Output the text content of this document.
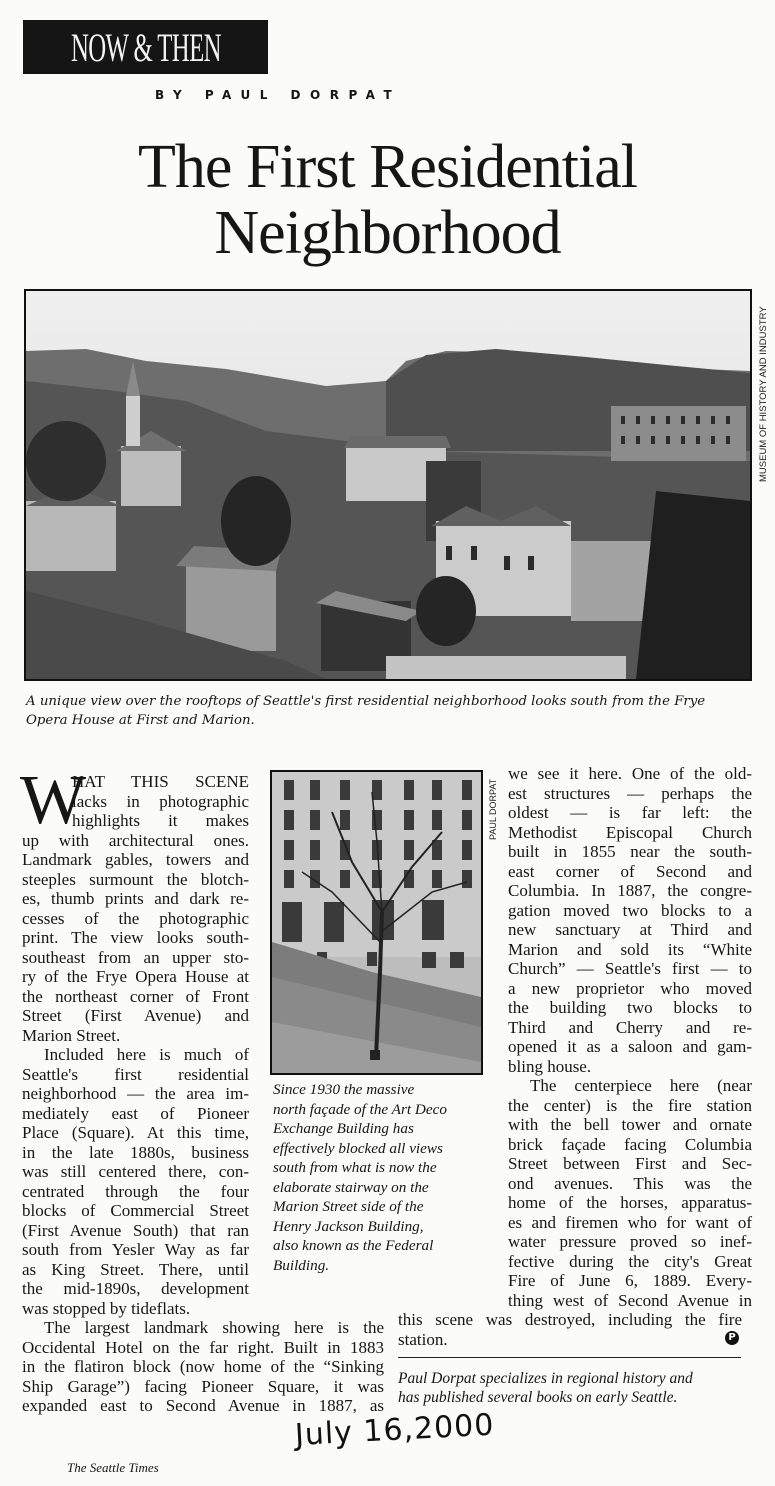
NOW & THEN
BY PAUL DORPAT
The First Residential
Neighborhood
MUSEUM OF HISTORY AND INDUSTRY
A unique view over the rooftops of Seattle's first residential neighborhood looks south from the Frye
Opera House at First and Marion.
W
HAT THIS SCENE
lacks in photographic
highlights it makes
up with architectural ones.
Landmark gables, towers and
steeples surmount the blotch-
es, thumb prints and dark re-
cesses of the photographic
print. The view looks south-
southeast from an upper sto-
ry of the Frye Opera House at
the northeast corner of Front
Street (First Avenue) and
Marion Street.
Included here is much of
Seattle's first residential
neighborhood — the area im-
mediately east of Pioneer
Place (Square). At this time,
in the late 1880s, business
was still centered there, con-
centrated through the four
blocks of Commercial Street
(First Avenue South) that ran
south from Yesler Way as far
as King Street. There, until
the mid-1890s, development
was stopped by tideflats.
PAUL DORPAT
Since 1930 the massive
north façade of the Art Deco
Exchange Building has
effectively blocked all views
south from what is now the
elaborate stairway on the
Marion Street side of the
Henry Jackson Building,
also known as the Federal
Building.
we see it here. One of the old-
est structures — perhaps the
oldest — is far left: the
Methodist Episcopal Church
built in 1855 near the south-
east corner of Second and
Columbia. In 1887, the congre-
gation moved two blocks to a
new sanctuary at Third and
Marion and sold its “White
Church” — Seattle's first — to
a new proprietor who moved
the building two blocks to
Third and Cherry and re-
opened it as a saloon and gam-
bling house.
The centerpiece here (near
the center) is the fire station
with the bell tower and ornate
brick façade facing Columbia
Street between First and Sec-
ond avenues. This was the
home of the horses, apparatus-
es and firemen who for want of
water pressure proved so inef-
fective during the city's Great
Fire of June 6, 1889. Every-
thing west of Second Avenue in
The largest landmark showing here is the
Occidental Hotel on the far right. Built in 1883
in the flatiron block (now home of the “Sinking
Ship Garage”) facing Pioneer Square, it was
expanded east to Second Avenue in 1887, as
this scene was destroyed, including the fire
station.	P
Paul Dorpat specializes in regional history and
has published several books on early Seattle.
July 16,2000
The Seattle Times
